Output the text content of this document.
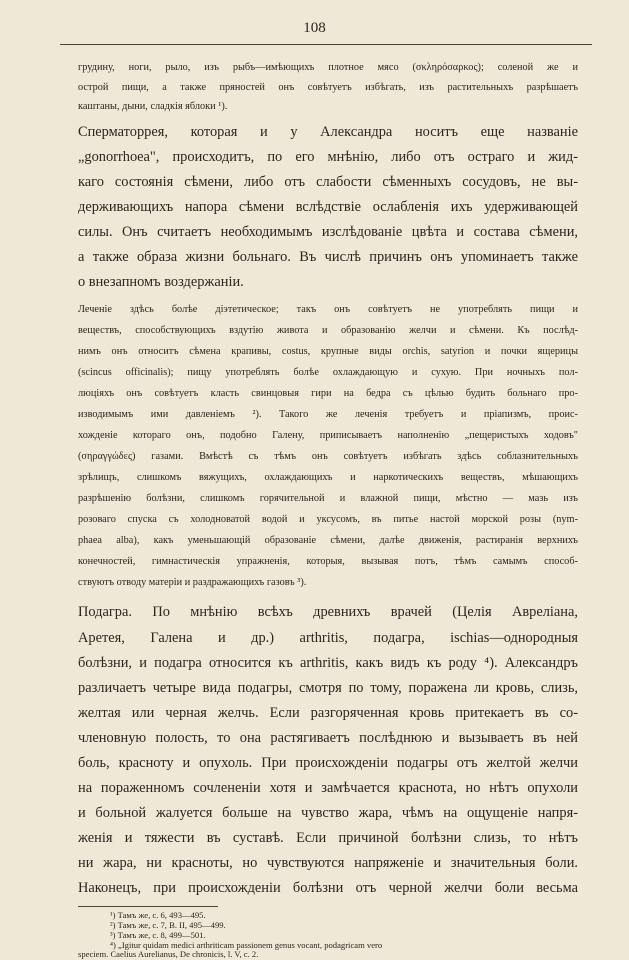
108

грудину, ноги, рыло, изъ рыбъ—имѣющихъ плотное мясо (σκληρόσαρκος); соленой же и

острой пищи, а также пряностей онъ совѣтуетъ избѣгать, изъ растительныхъ разрѣшаетъ

каштаны, дыни, сладкія яблоки ¹).

Сперматоррея, которая и у Александра носитъ еще названіе

„gonorrhoea", происходитъ, по его мнѣнію, либо отъ остраго и жид-

каго состоянія сѣмени, либо отъ слабости сѣменныхъ сосудовъ, не вы-

держивающихъ напора сѣмени вслѣдствіе ослабленія ихъ удерживающей

силы. Онъ считаетъ необходимымъ изслѣдованіе цвѣта и состава сѣмени,

а также образа жизни больнаго. Въ числѣ причинъ онъ упоминаетъ также

о внезапномъ воздержаніи.

Леченіе здѣсь болѣе діэтетическое; такъ онъ совѣтуетъ не употреблять пищи и

веществъ, способствующихъ вздутію живота и образованію желчи и сѣмени. Къ послѣд-

нимъ онъ относитъ сѣмена крапивы, costus, крупные виды orchis, satyrion и почки ящерицы

(scincus officinalis); пищу употреблять болѣе охлаждающую и сухую. При ночныхъ пол-

люціяхъ онъ совѣтуетъ класть свинцовыя гири на бедра съ цѣлью будить больнаго про-

изводимымъ ими давленіемъ ²). Такого же леченія требуетъ и пріапизмъ, проис-

хожденіе котораго онъ, подобно Галену, приписываетъ наполненію „пещеристыхъ ходовъ"

(σηραγγώδες) газами. Вмѣстѣ съ тѣмъ онъ совѣтуетъ избѣгать здѣсь соблазнительныхъ

зрѣлищъ, слишкомъ вяжущихъ, охлаждающихъ и наркотическихъ веществъ, мѣшающихъ

разрѣшенію болѣзни, слишкомъ горячительной и влажной пищи, мѣстно — мазь изъ

розоваго спуска съ холодноватой водой и уксусомъ, въ питье настой морской розы (nym-

phaea alba), какъ уменьшающій образованіе сѣмени, далѣе движенія, растиранія верхнихъ

конечностей, гимнастическія упражненія, которыя, вызывая потъ, тѣмъ самымъ способ-

ствуютъ отводу матеріи и раздражающихъ газовъ ³).

Подагра. По мнѣнію всѣхъ древнихъ врачей (Целія Авреліана,

Аретея, Галена и др.) arthritis, подагра, ischias—однородныя

болѣзни, и подагра относится къ arthritis, какъ видъ къ роду ⁴). Александръ

различаетъ четыре вида подагры, смотря по тому, поражена ли кровь, слизь,

желтая или черная желчь. Если разгоряченная кровь притекаетъ въ со-

членовную полость, то она растягиваетъ послѣднюю и вызываетъ въ ней

боль, красноту и опухоль. При происхожденіи подагры отъ желтой желчи

на пораженномъ сочлененіи хотя и замѣчается краснота, но нѣтъ опухоли

и больной жалуется больше на чувство жара, чѣмъ на ощущеніе напря-

женія и тяжести въ суставѣ. Если причиной болѣзни слизь, то нѣтъ

ни жара, ни красноты, но чувствуются напряженіе и значительныя боли.

Наконецъ, при происхожденіи болѣзни отъ черной желчи боли весьма

¹) Тамъ же, с. 6, 493—495.

²) Тамъ же, с. 7, В. II, 495—499.

³) Тамъ же, с. 8, 499—501.

⁴) „Igitur quidam medici arthriticam passionem genus vocant, podagricam vero

speciem. Caelius Aurelianus, De chronicis, l. V, c. 2.
